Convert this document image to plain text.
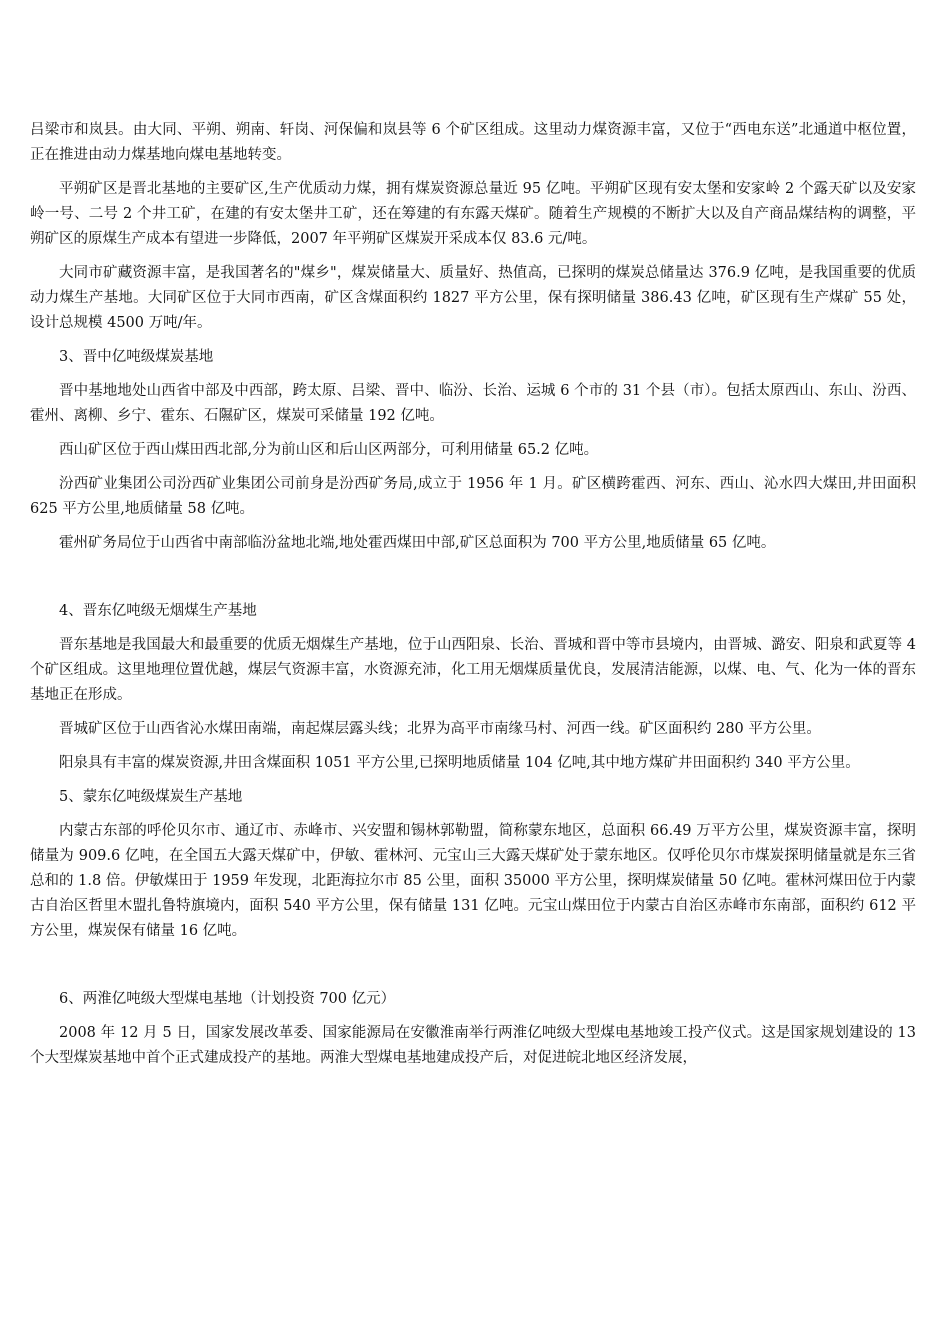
吕梁市和岚县。由大同、平朔、朔南、轩岗、河保偏和岚县等 6 个矿区组成。这里动力煤资源丰富，又位于“西电东送”北通道中枢位置，正在推进由动力煤基地向煤电基地转变。

平朔矿区是晋北基地的主要矿区,生产优质动力煤，拥有煤炭资源总量近 95 亿吨。平朔矿区现有安太堡和安家岭 2 个露天矿以及安家岭一号、二号 2 个井工矿，在建的有安太堡井工矿，还在筹建的有东露天煤矿。随着生产规模的不断扩大以及自产商品煤结构的调整，平朔矿区的原煤生产成本有望进一步降低，2007 年平朔矿区煤炭开采成本仅 83.6 元/吨。

大同市矿藏资源丰富，是我国著名的"煤乡"，煤炭储量大、质量好、热值高，已探明的煤炭总储量达 376.9 亿吨，是我国重要的优质动力煤生产基地。大同矿区位于大同市西南，矿区含煤面积约 1827 平方公里，保有探明储量 386.43 亿吨，矿区现有生产煤矿 55 处，设计总规模 4500 万吨/年。

3、晋中亿吨级煤炭基地

晋中基地地处山西省中部及中西部，跨太原、吕梁、晋中、临汾、长治、运城 6 个市的 31 个县（市）。包括太原西山、东山、汾西、霍州、离柳、乡宁、霍东、石隰矿区，煤炭可采储量 192 亿吨。

西山矿区位于西山煤田西北部,分为前山区和后山区两部分，可利用储量 65.2 亿吨。

汾西矿业集团公司汾西矿业集团公司前身是汾西矿务局,成立于 1956 年 1 月。矿区横跨霍西、河东、西山、沁水四大煤田,井田面积 625 平方公里,地质储量 58 亿吨。

霍州矿务局位于山西省中南部临汾盆地北端,地处霍西煤田中部,矿区总面积为 700 平方公里,地质储量 65 亿吨。

4、晋东亿吨级无烟煤生产基地

晋东基地是我国最大和最重要的优质无烟煤生产基地，位于山西阳泉、长治、晋城和晋中等市县境内，由晋城、潞安、阳泉和武夏等 4 个矿区组成。这里地理位置优越，煤层气资源丰富，水资源充沛，化工用无烟煤质量优良，发展清洁能源，以煤、电、气、化为一体的晋东基地正在形成。

晋城矿区位于山西省沁水煤田南端，南起煤层露头线；北界为高平市南缘马村、河西一线。矿区面积约 280 平方公里。

阳泉具有丰富的煤炭资源,井田含煤面积 1051 平方公里,已探明地质储量 104 亿吨,其中地方煤矿井田面积约 340 平方公里。

5、蒙东亿吨级煤炭生产基地

内蒙古东部的呼伦贝尔市、通辽市、赤峰市、兴安盟和锡林郭勒盟，简称蒙东地区，总面积 66.49 万平方公里，煤炭资源丰富，探明储量为 909.6 亿吨，在全国五大露天煤矿中，伊敏、霍林河、元宝山三大露天煤矿处于蒙东地区。仅呼伦贝尔市煤炭探明储量就是东三省总和的 1.8 倍。伊敏煤田于 1959 年发现，北距海拉尔市 85 公里，面积 35000 平方公里，探明煤炭储量 50 亿吨。霍林河煤田位于内蒙古自治区哲里木盟扎鲁特旗境内，面积 540 平方公里，保有储量 131 亿吨。元宝山煤田位于内蒙古自治区赤峰市东南部，面积约 612 平方公里，煤炭保有储量 16 亿吨。

6、两淮亿吨级大型煤电基地（计划投资 700 亿元）

2008 年 12 月 5 日，国家发展改革委、国家能源局在安徽淮南举行两淮亿吨级大型煤电基地竣工投产仪式。这是国家规划建设的 13 个大型煤炭基地中首个正式建成投产的基地。两淮大型煤电基地建成投产后，对促进皖北地区经济发展，
